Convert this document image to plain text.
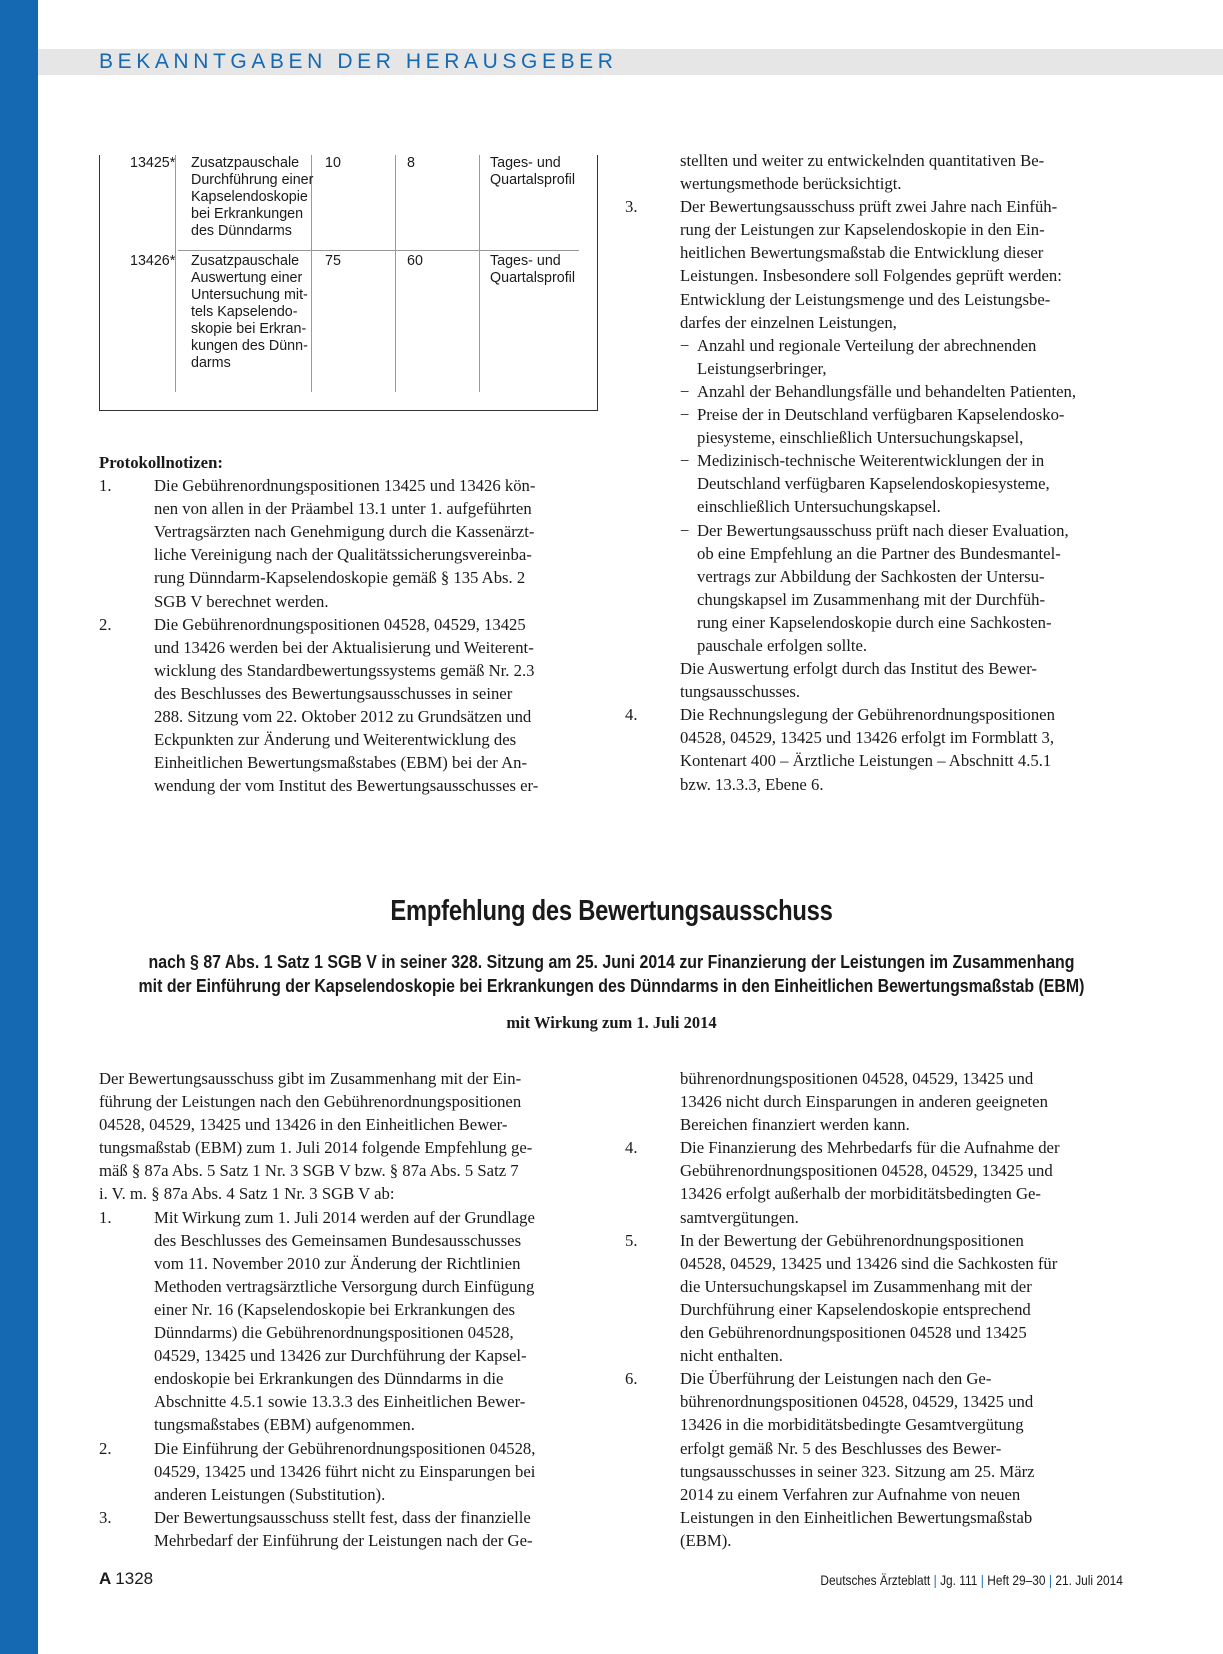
BEKANNTGABEN DER HERAUSGEBER
13425* Zusatzpauschale
Durchführung einer
Kapselendoskopie
bei Erkrankungen
des Dünndarms
10	8	Tages- und
Quartalsprofil
13426* Zusatzpauschale
Auswertung einer
Untersuchung mit-
tels Kapselendo-
skopie bei Erkran-
kungen des Dünn-
darms
75	60	Tages- und
Quartalsprofil

Protokollnotizen:

1.	Die Gebührenordnungspositionen 13425 und 13426 kön-
nen von allen in der Präambel 13.1 unter 1. aufgeführten
Vertragsärzten nach Genehmigung durch die Kassenärzt-
liche Vereinigung nach der Qualitätssicherungsvereinba-
rung Dünndarm-Kapselendoskopie gemäß § 135 Abs. 2
SGB V berechnet werden.
2.	Die Gebührenordnungspositionen 04528, 04529, 13425
und 13426 werden bei der Aktualisierung und Weiterent-
wicklung des Standardbewertungssystems gemäß Nr. 2.3
des Beschlusses des Bewertungsausschusses in seiner
288. Sitzung vom 22. Oktober 2012 zu Grundsätzen und
Eckpunkten zur Änderung und Weiterentwicklung des
Einheitlichen Bewertungsmaßstabes (EBM) bei der An-
wendung der vom Institut des Bewertungsausschusses er-
stellten und weiter zu entwickelnden quantitativen Be-
wertungsmethode berücksichtigt.
3.	Der Bewertungsausschuss prüft zwei Jahre nach Einfüh-
rung der Leistungen zur Kapselendoskopie in den Ein-
heitlichen Bewertungsmaßstab die Entwicklung dieser
Leistungen. Insbesondere soll Folgendes geprüft werden:
Entwicklung der Leistungsmenge und des Leistungsbe-
darfes der einzelnen Leistungen,
− Anzahl und regionale Verteilung der abrechnenden
Leistungserbringer,
− Anzahl der Behandlungsfälle und behandelten Patienten,
− Preise der in Deutschland verfügbaren Kapselendosko-
piesysteme, einschließlich Untersuchungskapsel,
− Medizinisch-technische Weiterentwicklungen der in
Deutschland verfügbaren Kapselendoskopiesysteme,
einschließlich Untersuchungskapsel.
− Der Bewertungsausschuss prüft nach dieser Evaluation,
ob eine Empfehlung an die Partner des Bundesmantel-
vertrags zur Abbildung der Sachkosten der Untersu-
chungskapsel im Zusammenhang mit der Durchfüh-
rung einer Kapselendoskopie durch eine Sachkosten-
pauschale erfolgen sollte.
Die Auswertung erfolgt durch das Institut des Bewer-
tungsausschusses.
4.	Die Rechnungslegung der Gebührenordnungspositionen
04528, 04529, 13425 und 13426 erfolgt im Formblatt 3,
Kontenart 400 – Ärztliche Leistungen – Abschnitt 4.5.1
bzw. 13.3.3, Ebene 6.
Empfehlung des Bewertungsausschuss
nach § 87 Abs. 1 Satz 1 SGB V in seiner 328. Sitzung am 25. Juni 2014 zur Finanzierung der Leistungen im Zusammenhang
mit der Einführung der Kapselendoskopie bei Erkrankungen des Dünndarms in den Einheitlichen Bewertungsmaßstab (EBM)
mit Wirkung zum 1. Juli 2014
Der Bewertungsausschuss gibt im Zusammenhang mit der Ein-
führung der Leistungen nach den Gebührenordnungspositionen
04528, 04529, 13425 und 13426 in den Einheitlichen Bewer-
tungsmaßstab (EBM) zum 1. Juli 2014 folgende Empfehlung ge-
mäß § 87a Abs. 5 Satz 1 Nr. 3 SGB V bzw. § 87a Abs. 5 Satz 7
i. V. m. § 87a Abs. 4 Satz 1 Nr. 3 SGB V ab:
1.	Mit Wirkung zum 1. Juli 2014 werden auf der Grundlage
des Beschlusses des Gemeinsamen Bundesausschusses
vom 11. November 2010 zur Änderung der Richtlinien
Methoden vertragsärztliche Versorgung durch Einfügung
einer Nr. 16 (Kapselendoskopie bei Erkrankungen des
Dünndarms) die Gebührenordnungspositionen 04528,
04529, 13425 und 13426 zur Durchführung der Kapsel-
endoskopie bei Erkrankungen des Dünndarms in die
Abschnitte 4.5.1 sowie 13.3.3 des Einheitlichen Bewer-
tungsmaßstabes (EBM) aufgenommen.
2.	Die Einführung der Gebührenordnungspositionen 04528,
04529, 13425 und 13426 führt nicht zu Einsparungen bei
anderen Leistungen (Substitution).
3.	Der Bewertungsausschuss stellt fest, dass der finanzielle
Mehrbedarf der Einführung der Leistungen nach der Ge-
bührenordnungspositionen 04528, 04529, 13425 und
13426 nicht durch Einsparungen in anderen geeigneten
Bereichen finanziert werden kann.
4.	Die Finanzierung des Mehrbedarfs für die Aufnahme der
Gebührenordnungspositionen 04528, 04529, 13425 und
13426 erfolgt außerhalb der morbiditätsbedingten Ge-
samtvergütungen.
5.	In der Bewertung der Gebührenordnungspositionen
04528, 04529, 13425 und 13426 sind die Sachkosten für
die Untersuchungskapsel im Zusammenhang mit der
Durchführung einer Kapselendoskopie entsprechend
den Gebührenordnungspositionen 04528 und 13425
nicht enthalten.
6.	Die Überführung der Leistungen nach den Ge-
bührenordnungspositionen 04528, 04529, 13425 und
13426 in die morbiditätsbedingte Gesamtvergütung
erfolgt gemäß Nr. 5 des Beschlusses des Bewer-
tungsausschusses in seiner 323. Sitzung am 25. März
2014 zu einem Verfahren zur Aufnahme von neuen
Leistungen in den Einheitlichen Bewertungsmaßstab
(EBM).
A 1328	Deutsches Ärzteblatt | Jg. 111 | Heft 29–30 | 21. Juli 2014
